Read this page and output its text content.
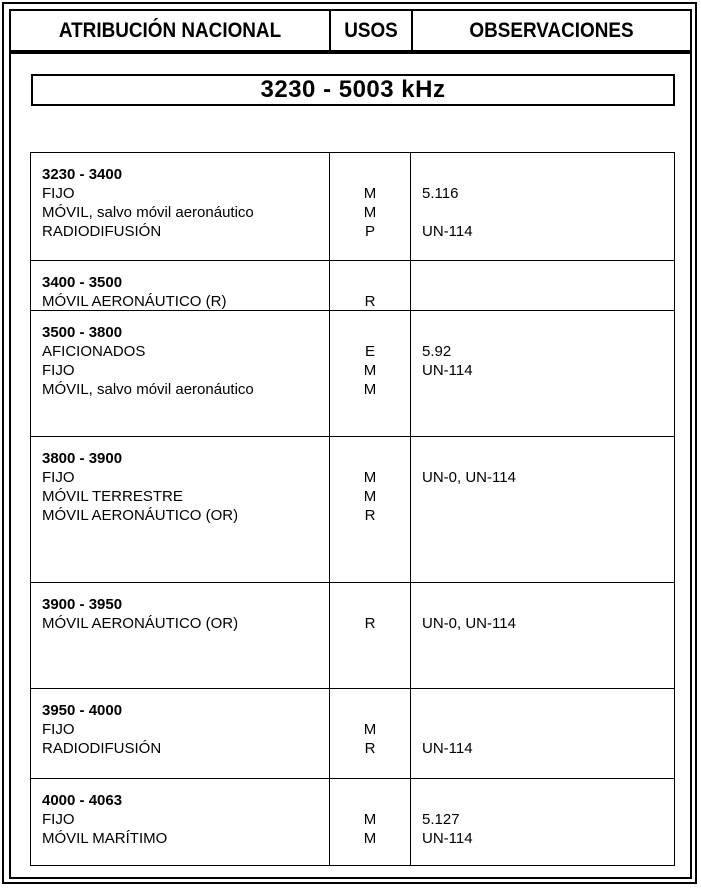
ATRIBUCIÓN NACIONAL	USOS	OBSERVACIONES
3230 - 5003 kHz
3230 - 3400
FIJO	M	5.116
MÓVIL, salvo móvil aeronáutico	M
RADIODIFUSIÓN	P	UN-114
3400 - 3500
MÓVIL AERONÁUTICO (R)	R
3500 - 3800
AFICIONADOS	E	5.92
FIJO	M	UN-114
MÓVIL, salvo móvil aeronáutico	M
3800 - 3900
FIJO	M	UN-0, UN-114
MÓVIL TERRESTRE	M
MÓVIL AERONÁUTICO (OR)	R
3900 - 3950
MÓVIL AERONÁUTICO (OR)	R	UN-0, UN-114
3950 - 4000
FIJO	M
RADIODIFUSIÓN	R	UN-114
4000 - 4063
FIJO	M	5.127
MÓVIL MARÍTIMO	M	UN-114
